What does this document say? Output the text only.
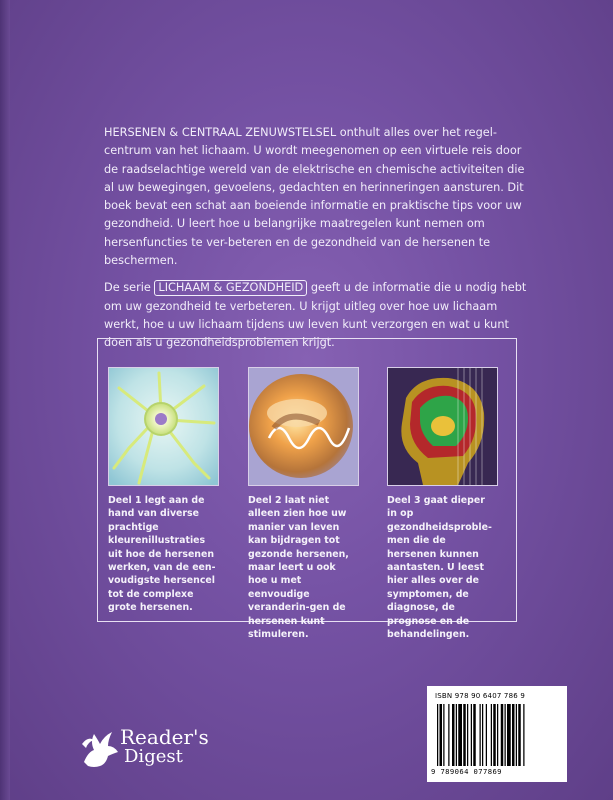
HERSENEN & CENTRAAL ZENUWSTELSEL onthult alles over het regel-centrum van het lichaam. U wordt meegenomen op een virtuele reis door de raadselachtige wereld van de elektrische en chemische activiteiten die al uw bewegingen, gevoelens, gedachten en herinneringen aansturen. Dit boek bevat een schat aan boeiende informatie en praktische tips voor uw gezondheid. U leert hoe u belangrijke maatregelen kunt nemen om hersenfuncties te ver-beteren en de gezondheid van de hersenen te beschermen.

De serie LICHAAM & GEZONDHEID geeft u de informatie die u nodig hebt om uw gezondheid te verbeteren. U krijgt uitleg over hoe uw lichaam werkt, hoe u uw lichaam tijdens uw leven kunt verzorgen en wat u kunt doen als u gezondheidsproblemen krijgt.

Deel 1 legt aan de hand van diverse prachtige kleurenillustraties uit hoe de hersenen werken, van de een-voudigste hersencel tot de complexe grote hersenen.
Deel 2 laat niet alleen zien hoe uw manier van leven kan bijdragen tot gezonde hersenen, maar leert u ook hoe u met eenvoudige veranderin-gen de hersenen kunt stimuleren.
Deel 3 gaat dieper in op gezondheidsproble-men die de hersenen kunnen aantasten. U leest hier alles over de symptomen, de diagnose, de prognose en de behandelingen.
ISBN 978 90 6407 786 9
9 789064 077869
Reader's
Digest
